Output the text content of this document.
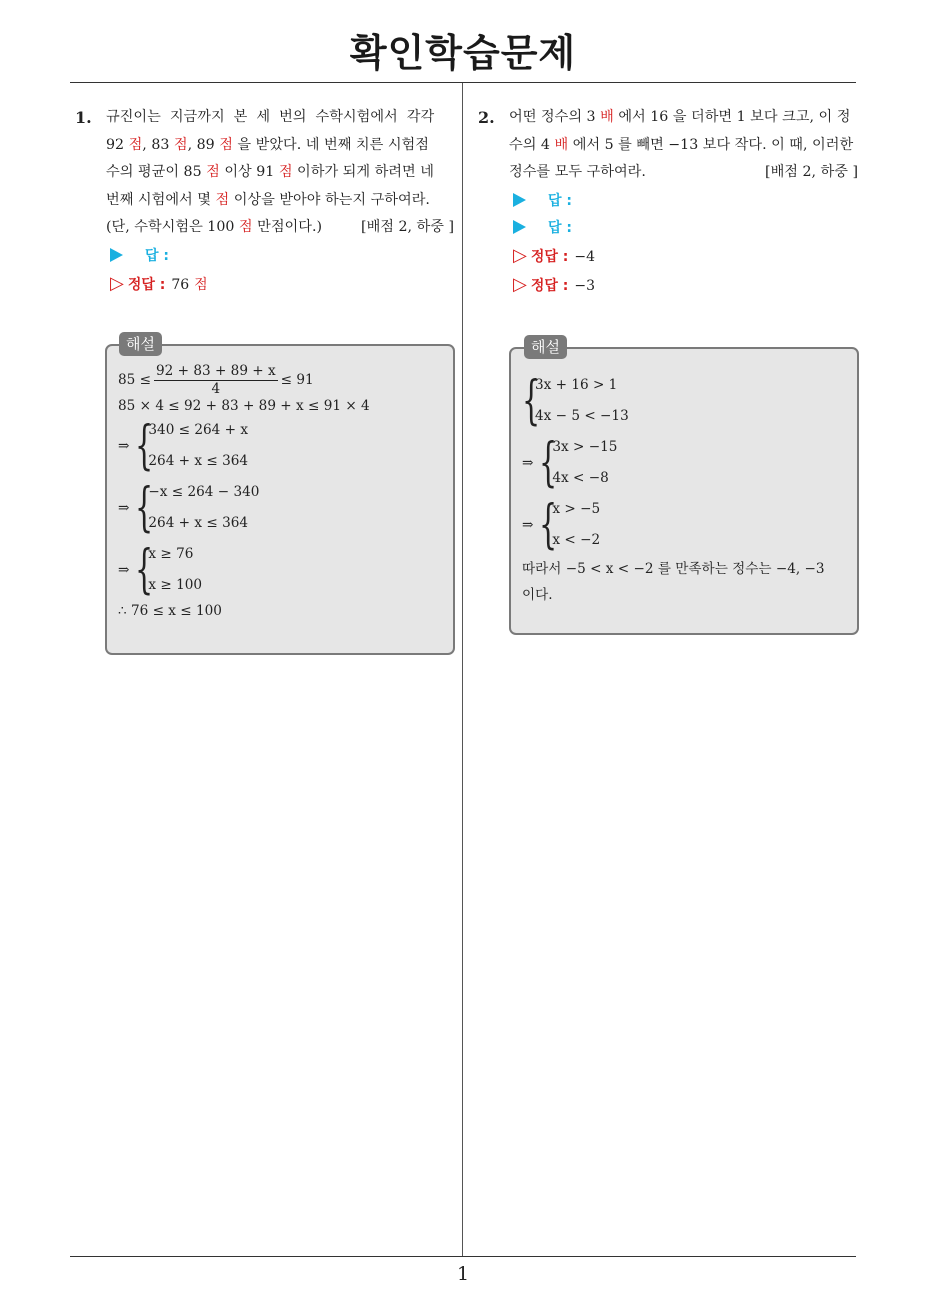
확인학습문제
1. 규진이는 지금까지 본 세 번의 수학시험에서 각각
92 점, 83 점, 89 점 을 받았다. 네 번째 치른 시험점
수의 평균이 85 점 이상 91 점 이하가 되게 하려면 네
번째 시험에서 몇 점 이상을 받아야 하는지 구하여라.
(단, 수학시험은 100 점 만점이다.)	[배점 2, 하중 ]
답 :
▷ 정답 : 76 점
해설
$85 \le \frac{92 + 83 + 89 + x}{4} \le 91$
85 × 4 ≤ 92 + 83 + 89 + x ≤ 91 × 4
⇒ {
340 ≤ 264 + x
264 + x ≤ 364
⇒ {
−x ≤ 264 − 340
264 + x ≤ 364
⇒ {
x ≥ 76
x ≥ 100
∴ 76 ≤ x ≤ 100
2. 어떤 정수의 3 배 에서 16 을 더하면 1 보다 크고, 이 정
수의 4 배 에서 5 를 빼면 −13 보다 작다. 이 때, 이러한
정수를 모두 구하여라.	[배점 2, 하중 ]
답 :
답 :
▷ 정답 : −4
▷ 정답 : −3
해설
{
3x + 16 > 1
4x − 5 < −13
⇒ {
3x > −15
4x < −8
⇒ {
x > −5
x < −2
따라서 −5 < x < −2 를 만족하는 정수는 −4, −3
이다.
1
